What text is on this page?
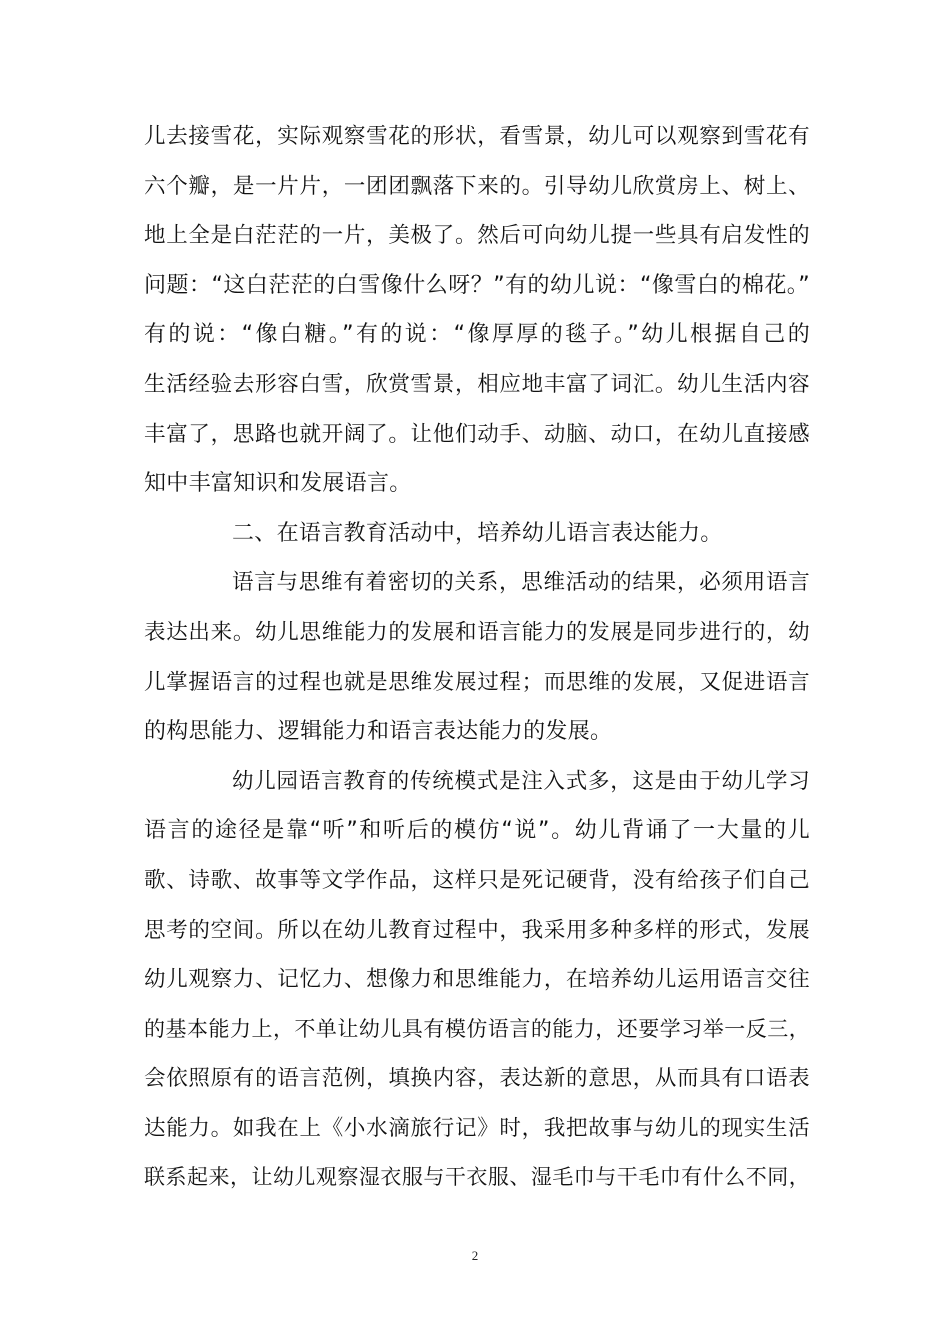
儿去接雪花，实际观察雪花的形状，看雪景，幼儿可以观察到雪花有
六个瓣，是一片片，一团团飘落下来的。引导幼儿欣赏房上、树上、
地上全是白茫茫的一片，美极了。然后可向幼儿提一些具有启发性的
问题：“这白茫茫的白雪像什么呀？”有的幼儿说：“像雪白的棉花。”
有的说：“像白糖。”有的说：“像厚厚的毯子。”幼儿根据自己的
生活经验去形容白雪，欣赏雪景，相应地丰富了词汇。幼儿生活内容
丰富了，思路也就开阔了。让他们动手、动脑、动口，在幼儿直接感
知中丰富知识和发展语言。
二、在语言教育活动中，培养幼儿语言表达能力。
语言与思维有着密切的关系，思维活动的结果，必须用语言
表达出来。幼儿思维能力的发展和语言能力的发展是同步进行的，幼
儿掌握语言的过程也就是思维发展过程；而思维的发展，又促进语言
的构思能力、逻辑能力和语言表达能力的发展。
幼儿园语言教育的传统模式是注入式多，这是由于幼儿学习
语言的途径是靠“听”和听后的模仿“说”。幼儿背诵了一大量的儿
歌、诗歌、故事等文学作品，这样只是死记硬背，没有给孩子们自己
思考的空间。所以在幼儿教育过程中，我采用多种多样的形式，发展
幼儿观察力、记忆力、想像力和思维能力，在培养幼儿运用语言交往
的基本能力上，不单让幼儿具有模仿语言的能力，还要学习举一反三，
会依照原有的语言范例，填换内容，表达新的意思，从而具有口语表
达能力。如我在上《小水滴旅行记》时，我把故事与幼儿的现实生活
联系起来，让幼儿观察湿衣服与干衣服、湿毛巾与干毛巾有什么不同，
2
